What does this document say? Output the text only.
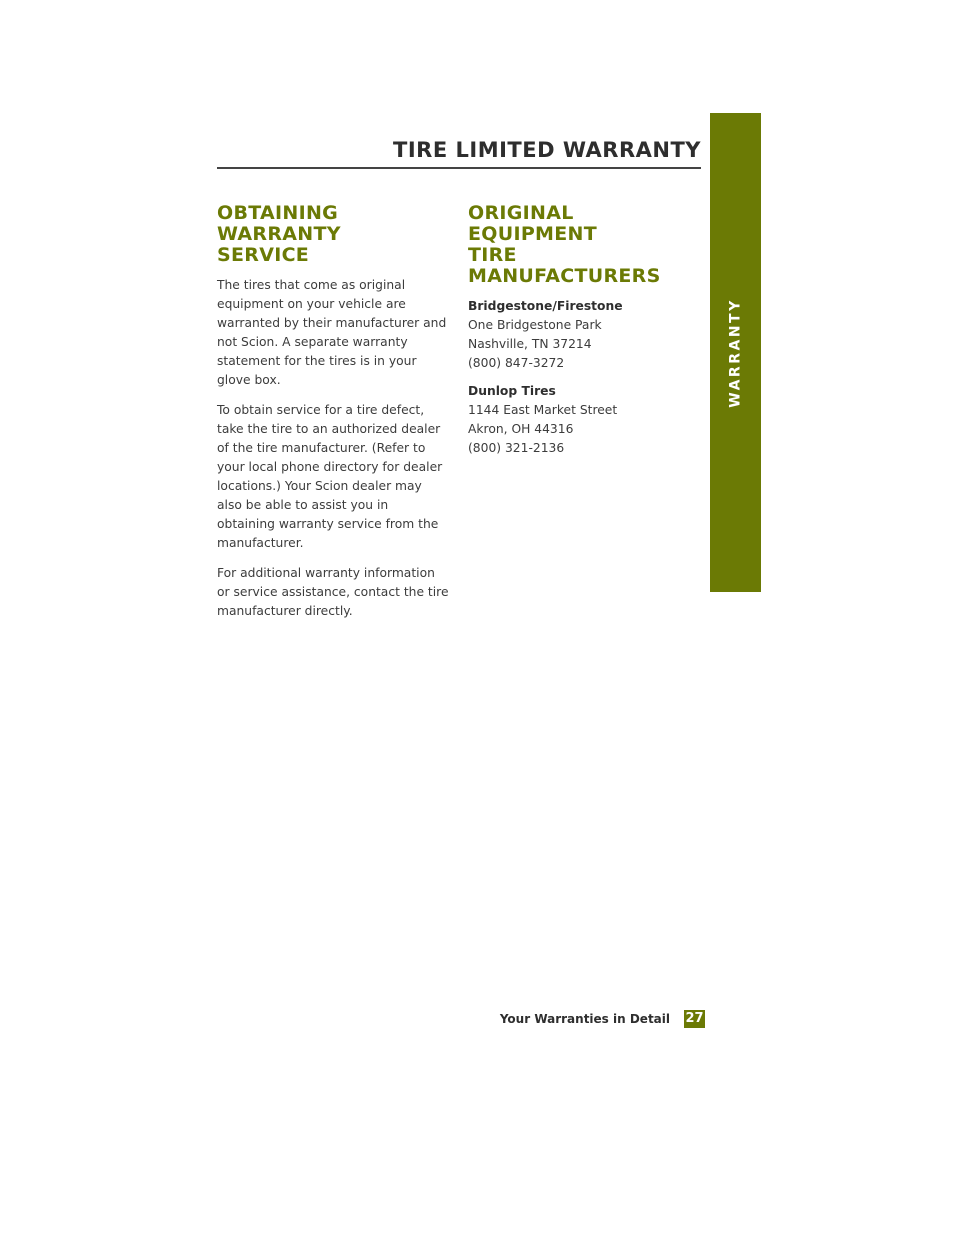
TIRE LIMITED WARRANTY
WARRANTY
OBTAINING WARRANTY
SERVICE

The tires that come as original equipment on your vehicle are warranted by their manufacturer and not Scion. A separate warranty statement for the tires is in your glove box.

To obtain service for a tire defect, take the tire to an authorized dealer of the tire manufacturer. (Refer to your local phone directory for dealer locations.) Your Scion dealer may also be able to assist you in obtaining warranty service from the manufacturer.

For additional warranty information or service assistance, contact the tire manufacturer directly.

ORIGINAL EQUIPMENT
TIRE MANUFACTURERS
Bridgestone/Firestone
One Bridgestone Park
Nashville, TN 37214
(800) 847-3272
Dunlop Tires
1144 East Market Street
Akron, OH 44316
(800) 321-2136
Your Warranties in Detail 27
